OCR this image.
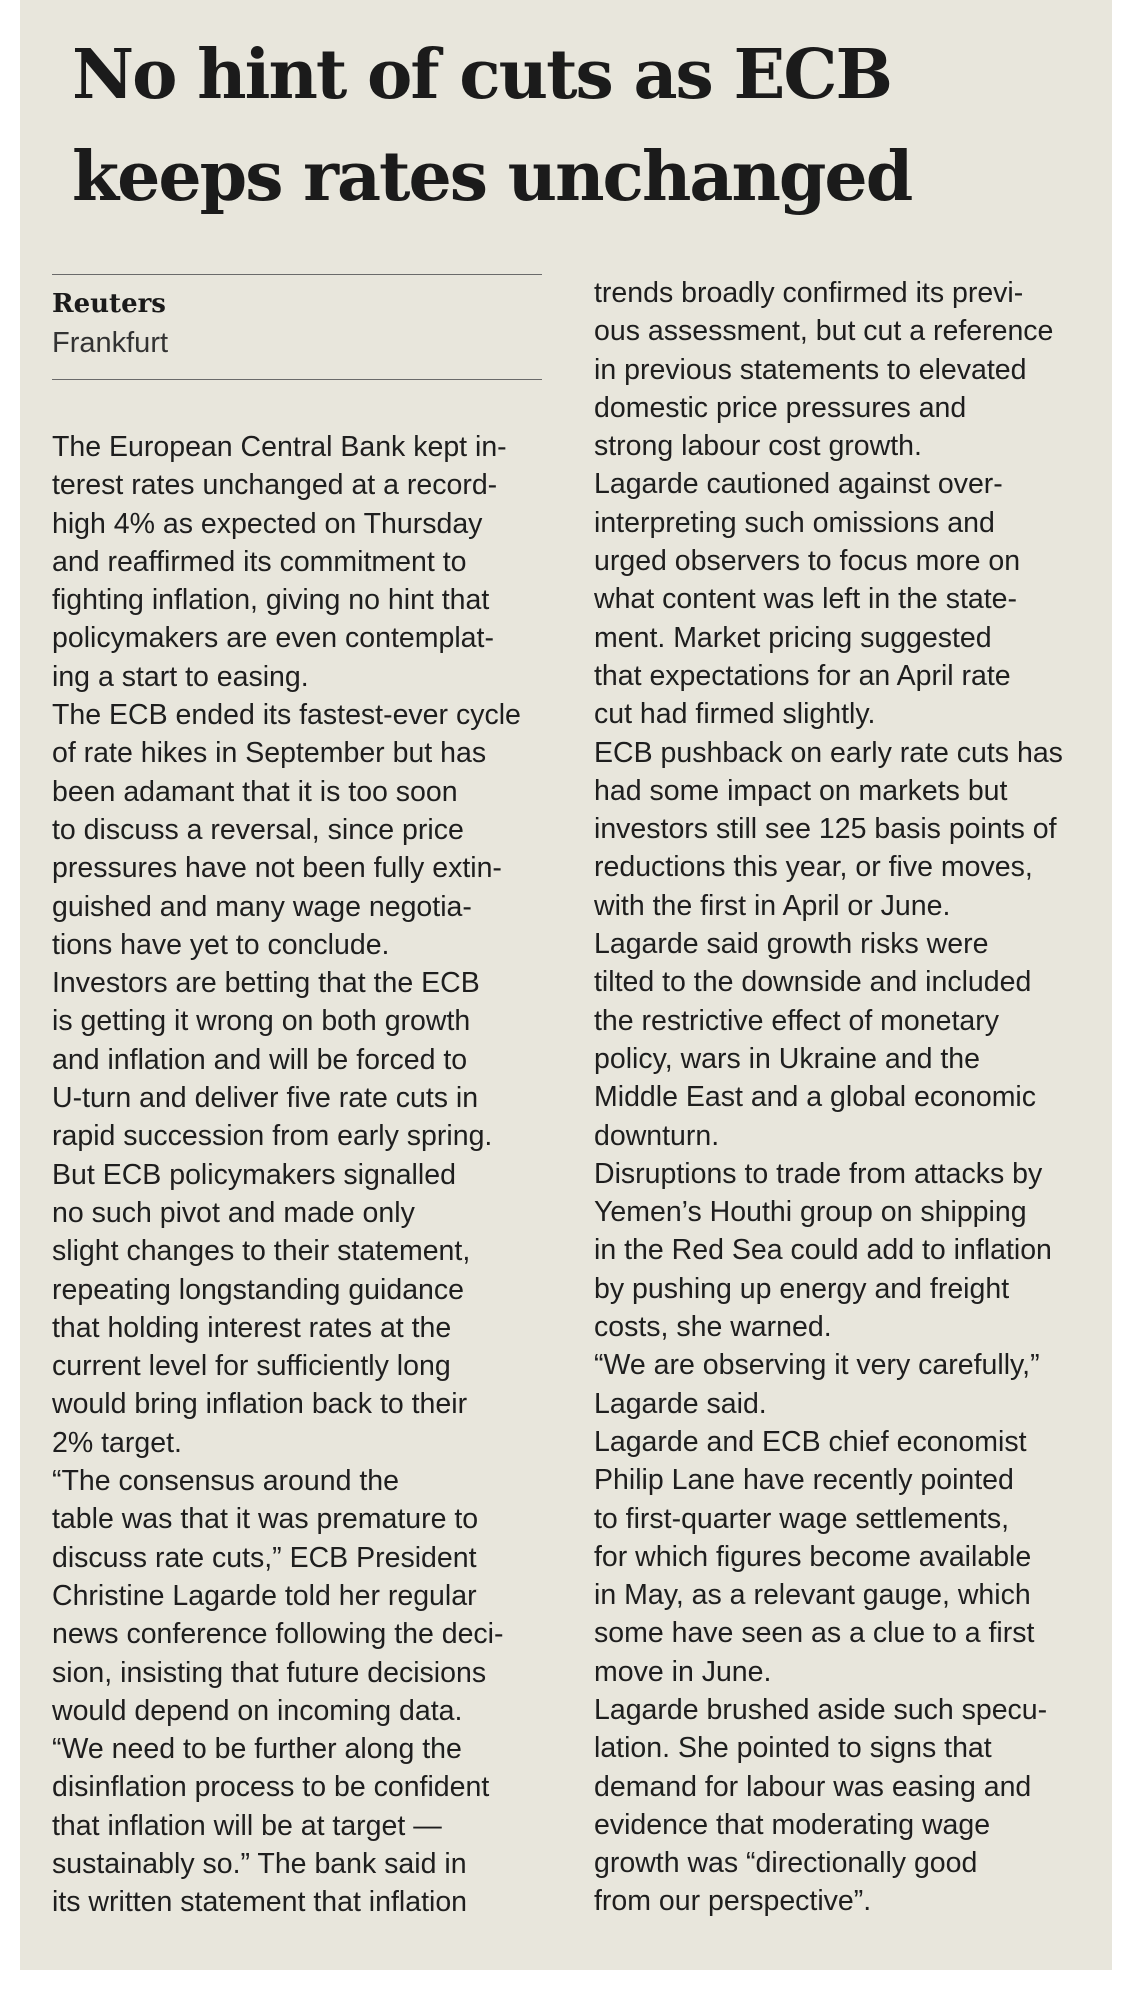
No hint of cuts as ECB
keeps rates unchanged
Reuters
Frankfurt
The European Central Bank kept in-
terest rates unchanged at a record-
high 4% as expected on Thursday
and reaffirmed its commitment to
fighting inflation, giving no hint that
policymakers are even contemplat-
ing a start to easing.
The ECB ended its fastest-ever cycle
of rate hikes in September but has
been adamant that it is too soon
to discuss a reversal, since price
pressures have not been fully extin-
guished and many wage negotia-
tions have yet to conclude.
Investors are betting that the ECB
is getting it wrong on both growth
and inflation and will be forced to
U-turn and deliver five rate cuts in
rapid succession from early spring.
But ECB policymakers signalled
no such pivot and made only
slight changes to their statement,
repeating longstanding guidance
that holding interest rates at the
current level for sufficiently long
would bring inflation back to their
2% target.
“The consensus around the
table was that it was premature to
discuss rate cuts,” ECB President
Christine Lagarde told her regular
news conference following the deci-
sion, insisting that future decisions
would depend on incoming data.
“We need to be further along the
disinflation process to be confident
that inflation will be at target —
sustainably so.” The bank said in
its written statement that inflation
trends broadly confirmed its previ-
ous assessment, but cut a reference
in previous statements to elevated
domestic price pressures and
strong labour cost growth.
Lagarde cautioned against over-
interpreting such omissions and
urged observers to focus more on
what content was left in the state-
ment. Market pricing suggested
that expectations for an April rate
cut had firmed slightly.
ECB pushback on early rate cuts has
had some impact on markets but
investors still see 125 basis points of
reductions this year, or five moves,
with the first in April or June.
Lagarde said growth risks were
tilted to the downside and included
the restrictive effect of monetary
policy, wars in Ukraine and the
Middle East and a global economic
downturn.
Disruptions to trade from attacks by
Yemen’s Houthi group on shipping
in the Red Sea could add to inflation
by pushing up energy and freight
costs, she warned.
“We are observing it very carefully,”
Lagarde said.
Lagarde and ECB chief economist
Philip Lane have recently pointed
to first-quarter wage settlements,
for which figures become available
in May, as a relevant gauge, which
some have seen as a clue to a first
move in June.
Lagarde brushed aside such specu-
lation. She pointed to signs that
demand for labour was easing and
evidence that moderating wage
growth was “directionally good
from our perspective”.
